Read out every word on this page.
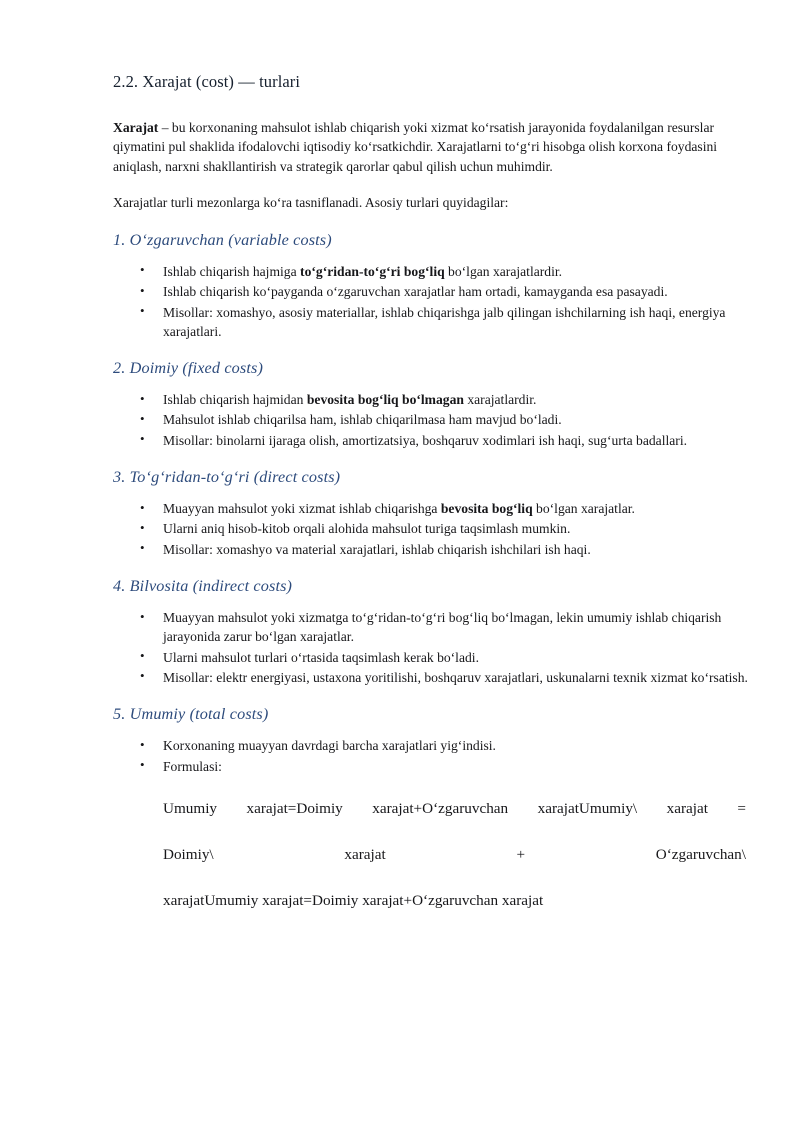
2.2. Xarajat (cost) — turlari

Xarajat – bu korxonaning mahsulot ishlab chiqarish yoki xizmat ko‘rsatish jarayonida foydalanilgan resurslar qiymatini pul shaklida ifodalovchi iqtisodiy ko‘rsatkichdir. Xarajatlarni to‘g‘ri hisobga olish korxona foydasini aniqlash, narxni shakllantirish va strategik qarorlar qabul qilish uchun muhimdir.

Xarajatlar turli mezonlarga ko‘ra tasniflanadi. Asosiy turlari quyidagilar:

1. O‘zgaruvchan (variable costs)
• Ishlab chiqarish hajmiga to‘g‘ridan-to‘g‘ri bog‘liq bo‘lgan xarajatlardir.
• Ishlab chiqarish ko‘payganda o‘zgaruvchan xarajatlar ham ortadi, kamayganda esa pasayadi.
• Misollar: xomashyo, asosiy materiallar, ishlab chiqarishga jalb qilingan ishchilarning ish haqi, energiya xarajatlari.
2. Doimiy (fixed costs)
• Ishlab chiqarish hajmidan bevosita bog‘liq bo‘lmagan xarajatlardir.
• Mahsulot ishlab chiqarilsa ham, ishlab chiqarilmasa ham mavjud bo‘ladi.
• Misollar: binolarni ijaraga olish, amortizatsiya, boshqaruv xodimlari ish haqi, sug‘urta badallari.
3. To‘g‘ridan-to‘g‘ri (direct costs)
• Muayyan mahsulot yoki xizmat ishlab chiqarishga bevosita bog‘liq bo‘lgan xarajatlar.
• Ularni aniq hisob-kitob orqali alohida mahsulot turiga taqsimlash mumkin.
• Misollar: xomashyo va material xarajatlari, ishlab chiqarish ishchilari ish haqi.
4. Bilvosita (indirect costs)
• Muayyan mahsulot yoki xizmatga to‘g‘ridan-to‘g‘ri bog‘liq bo‘lmagan, lekin umumiy ishlab chiqarish jarayonida zarur bo‘lgan xarajatlar.
• Ularni mahsulot turlari o‘rtasida taqsimlash kerak bo‘ladi.
• Misollar: elektr energiyasi, ustaxona yoritilishi, boshqaruv xarajatlari, uskunalarni texnik xizmat ko‘rsatish.
5. Umumiy (total costs)
• Korxonaning muayyan davrdagi barcha xarajatlari yig‘indisi.
• Formulasi:
Umumiy xarajat=Doimiy xarajat+O‘zgaruvchan xarajatUmumiy\ xarajat =
Doimiy\ xarajat + O‘zgaruvchan\
xarajatUmumiy xarajat=Doimiy xarajat+O‘zgaruvchan xarajat
